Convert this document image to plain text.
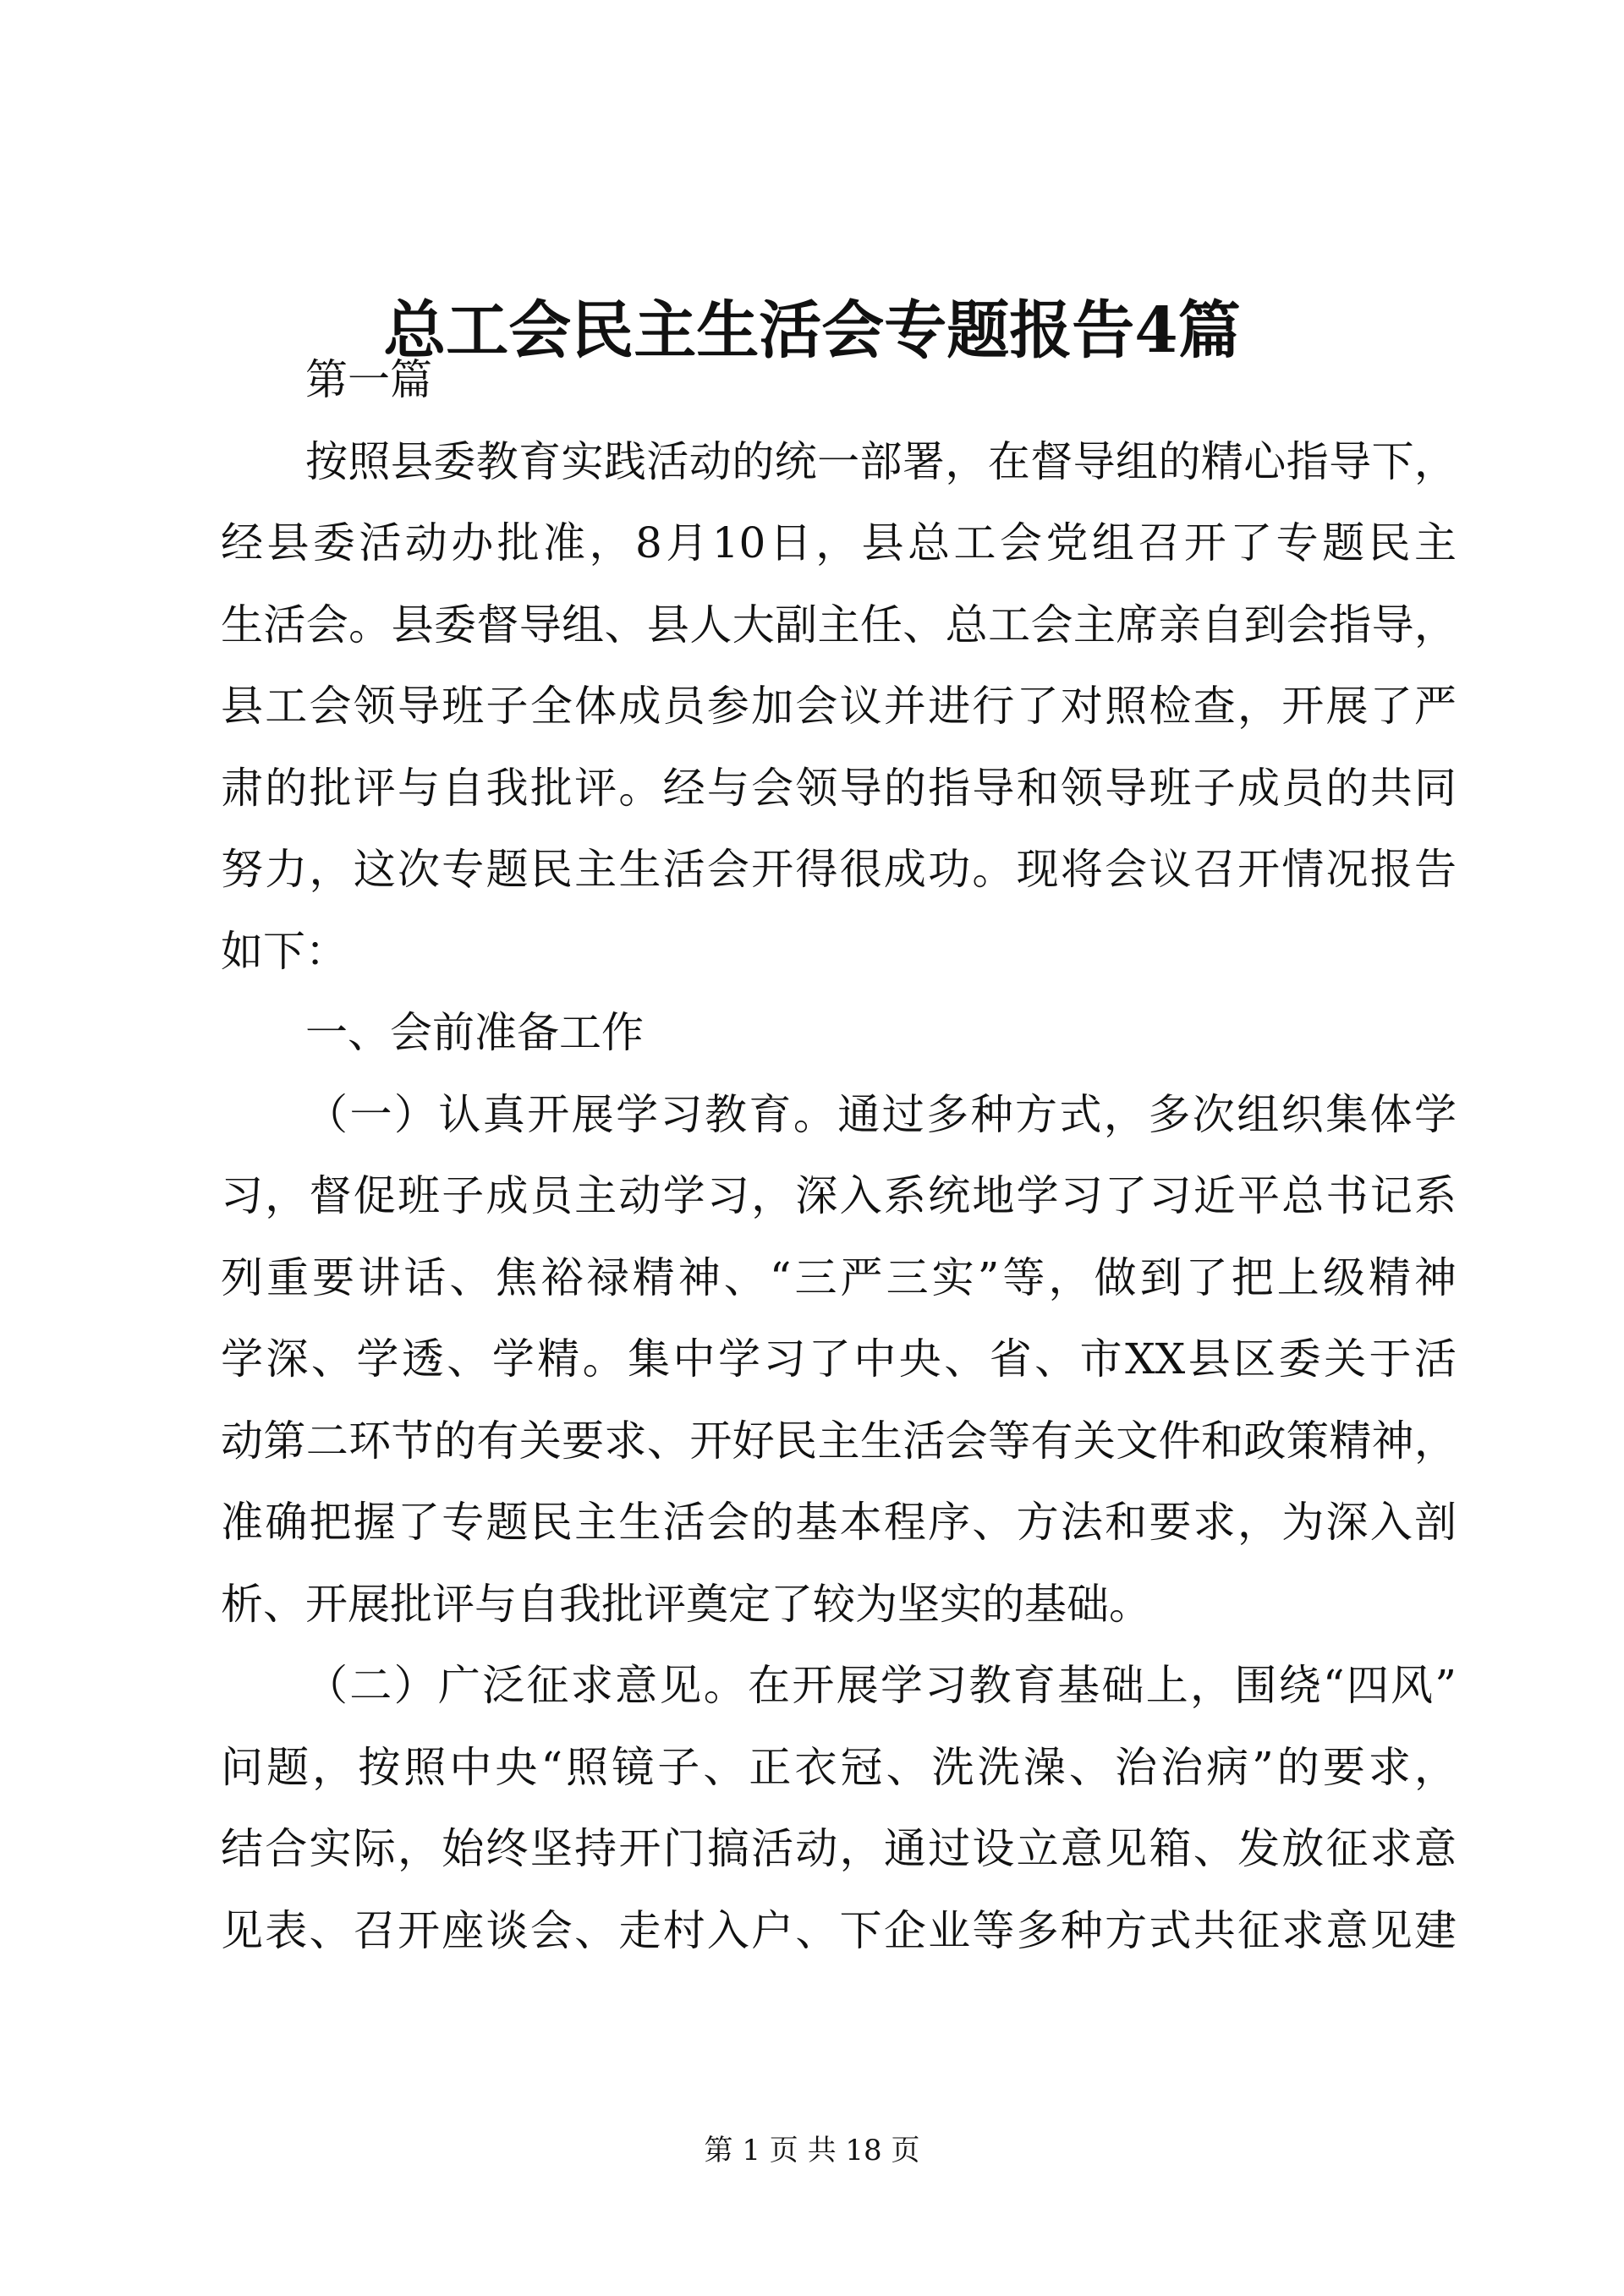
总工会民主生活会专题报告4篇
第一篇
按照县委教育实践活动的统一部署，在督导组的精心指导下，
经县委活动办批准，8月10日，县总工会党组召开了专题民主
生活会。县委督导组、县人大副主任、总工会主席亲自到会指导，
县工会领导班子全体成员参加会议并进行了对照检查，开展了严
肃的批评与自我批评。经与会领导的指导和领导班子成员的共同
努力，这次专题民主生活会开得很成功。现将会议召开情况报告
如下：
一、会前准备工作
（一）认真开展学习教育。通过多种方式，多次组织集体学
习，督促班子成员主动学习，深入系统地学习了习近平总书记系
列重要讲话、焦裕禄精神、“三严三实”等，做到了把上级精神
学深、学透、学精。集中学习了中央、省、市XX县区委关于活
动第二环节的有关要求、开好民主生活会等有关文件和政策精神，
准确把握了专题民主生活会的基本程序、方法和要求，为深入剖
析、开展批评与自我批评奠定了较为坚实的基础。
（二）广泛征求意见。在开展学习教育基础上，围绕“四风”
问题，按照中央“照镜子、正衣冠、洗洗澡、治治病”的要求，
结合实际，始终坚持开门搞活动，通过设立意见箱、发放征求意
见表、召开座谈会、走村入户、下企业等多种方式共征求意见建
第 1 页 共 18 页
